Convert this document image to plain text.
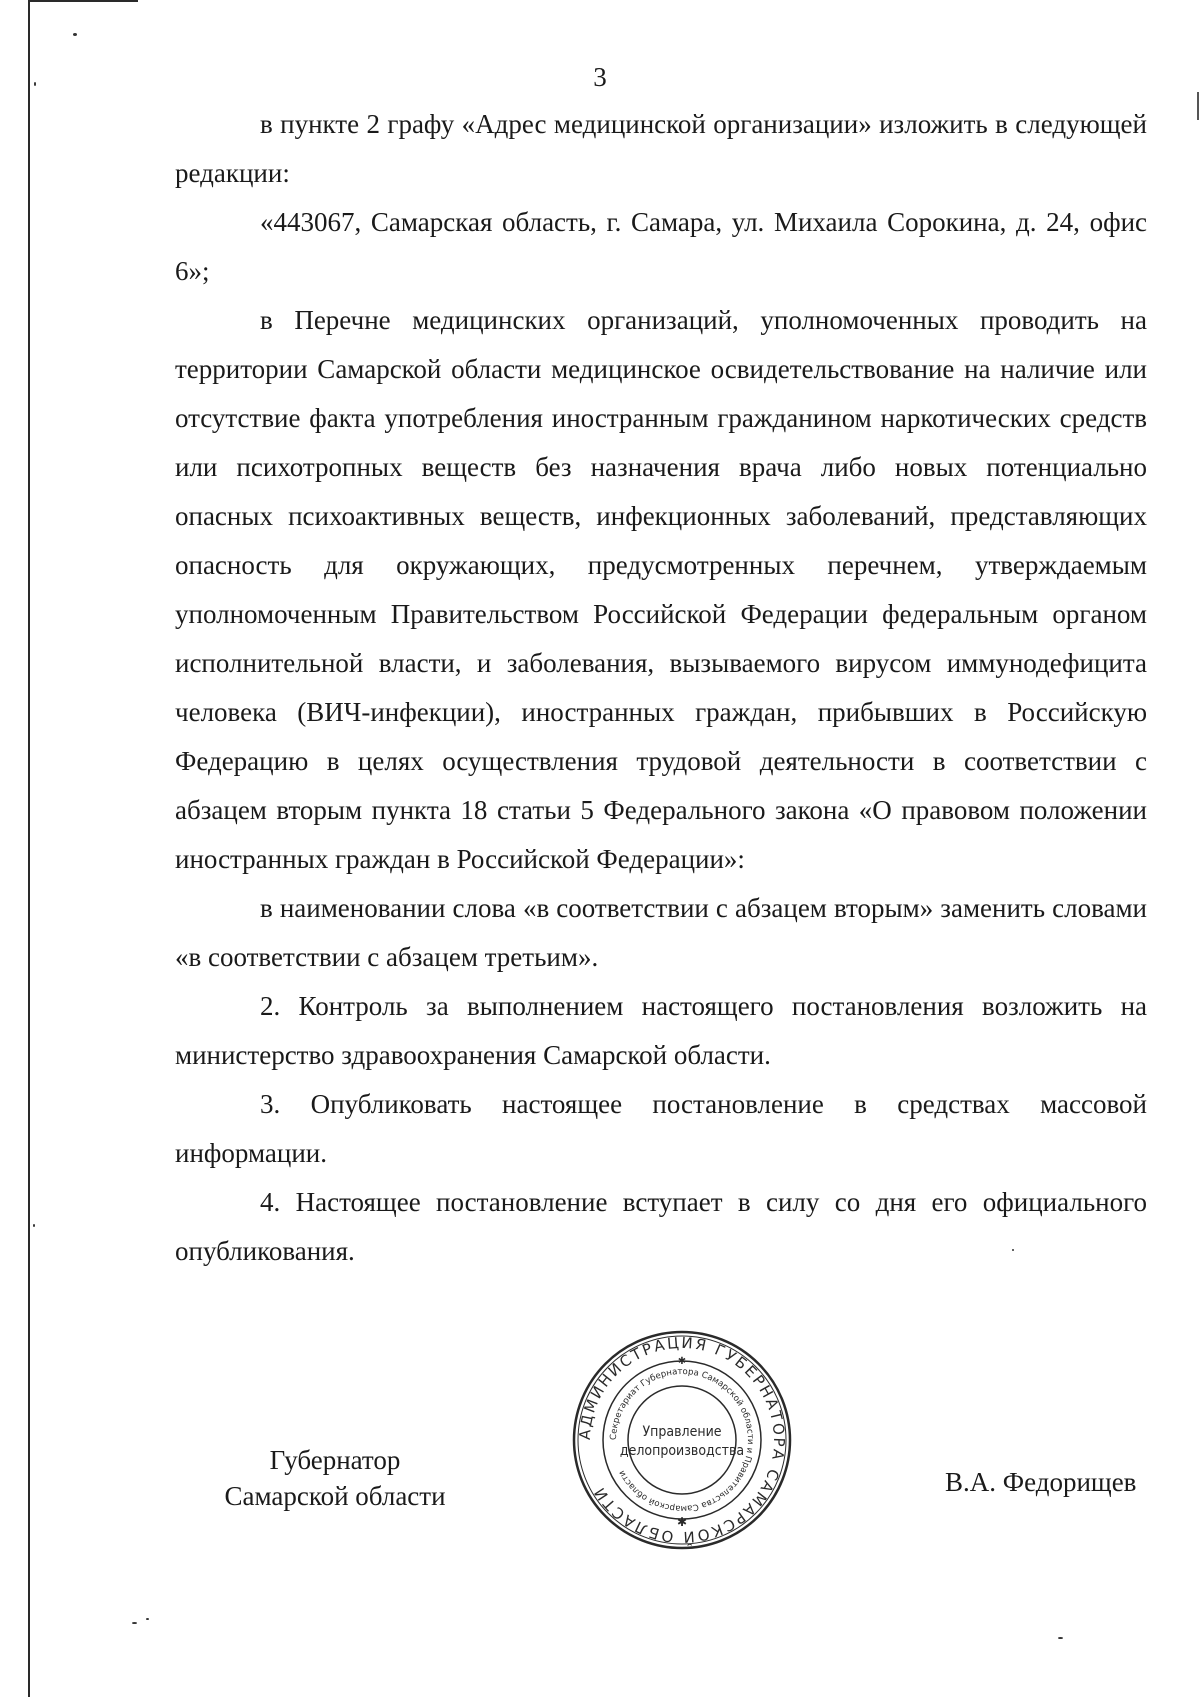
3

в пункте 2 графу «Адрес медицинской организации» изложить в следующей редакции:

«443067, Самарская область, г. Самара, ул. Михаила Сорокина, д. 24, офис 6»;

в Перечне медицинских организаций, уполномоченных проводить на территории Самарской области медицинское освидетельствование на наличие или отсутствие факта употребления иностранным гражданином наркотических средств или психотропных веществ без назначения врача либо новых потенциально опасных психоактивных веществ, инфекционных заболеваний, представляющих опасность для окружающих, предусмотренных перечнем, утверждаемым уполномоченным Правительством Российской Федерации федеральным органом исполнительной власти, и заболевания, вызываемого вирусом иммунодефицита человека (ВИЧ-инфекции), иностранных граждан, прибывших в Российскую Федерацию в целях осуществления трудовой деятельности в соответствии с абзацем вторым пункта 18 статьи 5 Федерального закона «О правовом положении иностранных граждан в Российской Федерации»:

в наименовании слова «в соответствии с абзацем вторым» заменить словами «в соответствии с абзацем третьим».

2. Контроль за выполнением настоящего постановления возложить на министерство здравоохранения Самарской области.

3. Опубликовать настоящее постановление в средствах массовой информации.

4. Настоящее постановление вступает в силу со дня его официального опубликования.

Губернатор
Самарской области
АДМИНИСТРАЦИЯ ГУБЕРНАТОРА САМАРСКОЙ ОБЛАСТИ
Секретариат Губернатора Самарской области и Правительства Самарской области
Управление
делопроизводства
✱
✱
В.А. Федорищев
